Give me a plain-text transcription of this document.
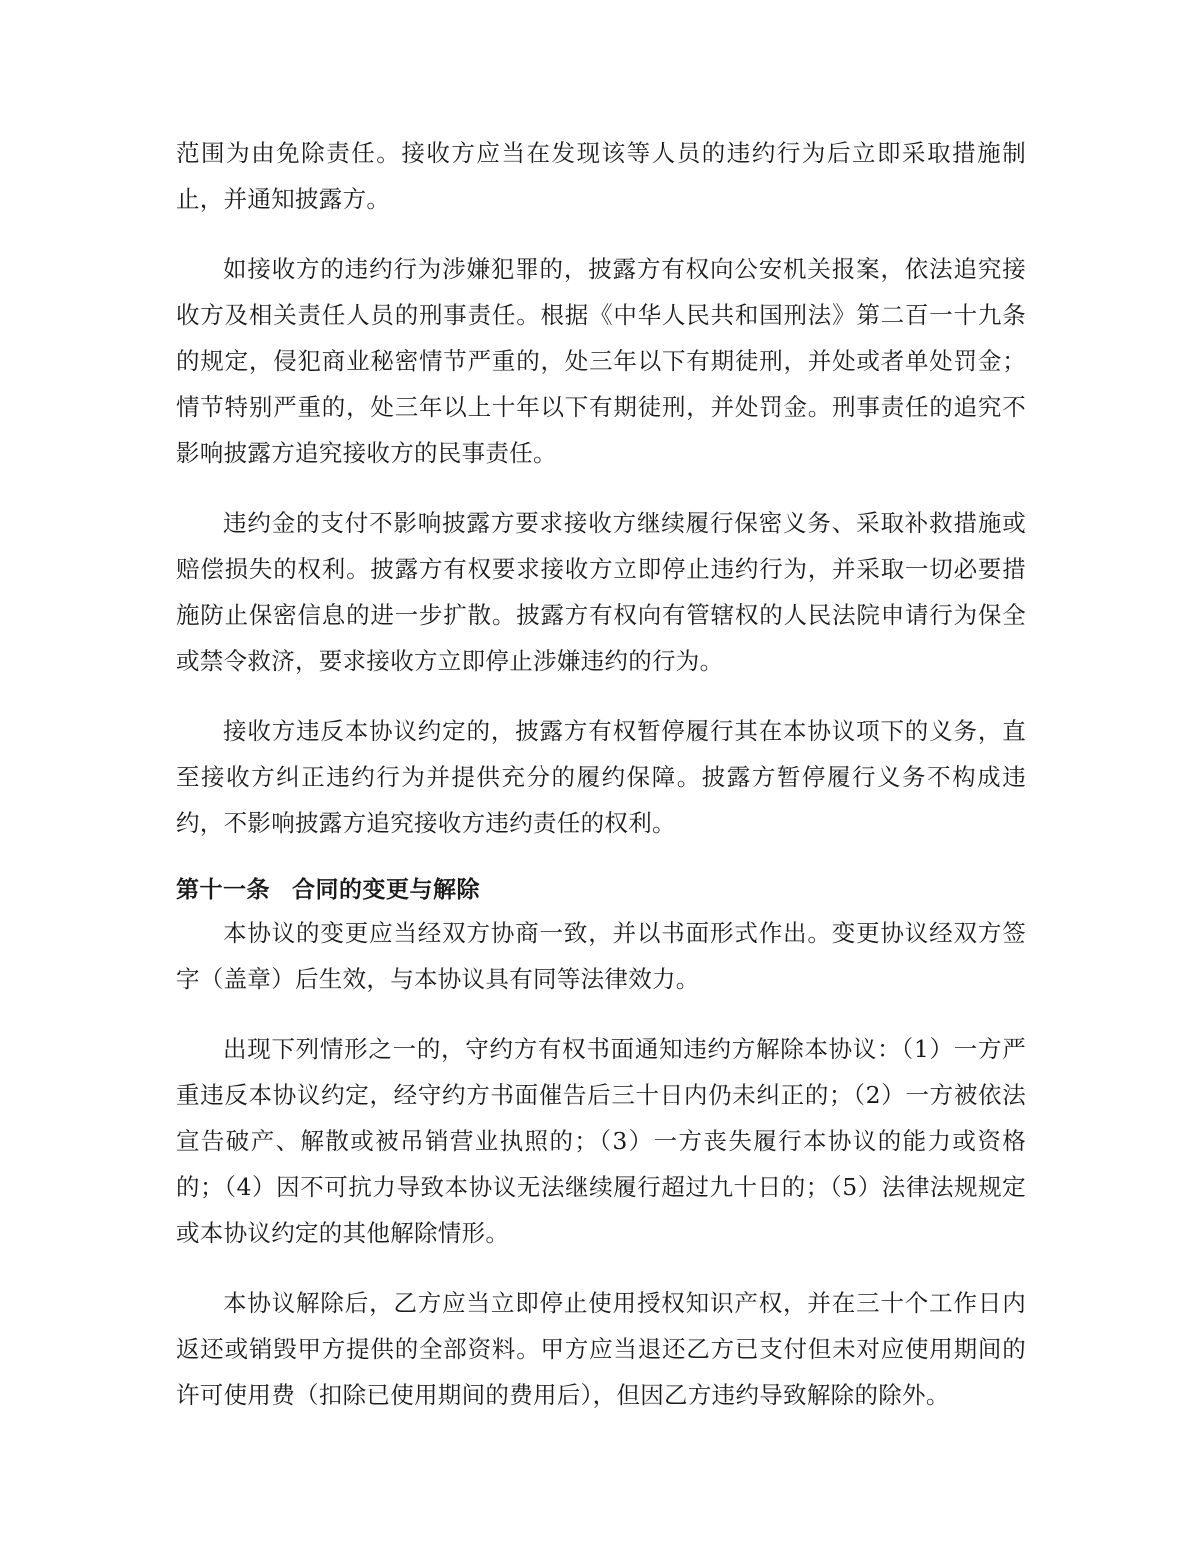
范围为由免除责任。接收方应当在发现该等人员的违约行为后立即采取措施制止，并通知披露方。

如接收方的违约行为涉嫌犯罪的，披露方有权向公安机关报案，依法追究接收方及相关责任人员的刑事责任。根据《中华人民共和国刑法》第二百一十九条的规定，侵犯商业秘密情节严重的，处三年以下有期徒刑，并处或者单处罚金；情节特别严重的，处三年以上十年以下有期徒刑，并处罚金。刑事责任的追究不影响披露方追究接收方的民事责任。

违约金的支付不影响披露方要求接收方继续履行保密义务、采取补救措施或赔偿损失的权利。披露方有权要求接收方立即停止违约行为，并采取一切必要措施防止保密信息的进一步扩散。披露方有权向有管辖权的人民法院申请行为保全或禁令救济，要求接收方立即停止涉嫌违约的行为。

接收方违反本协议约定的，披露方有权暂停履行其在本协议项下的义务，直至接收方纠正违约行为并提供充分的履约保障。披露方暂停履行义务不构成违约，不影响披露方追究接收方违约责任的权利。

第十一条 合同的变更与解除

本协议的变更应当经双方协商一致，并以书面形式作出。变更协议经双方签字（盖章）后生效，与本协议具有同等法律效力。

出现下列情形之一的，守约方有权书面通知违约方解除本协议：（1）一方严重违反本协议约定，经守约方书面催告后三十日内仍未纠正的；（2）一方被依法宣告破产、解散或被吊销营业执照的；（3）一方丧失履行本协议的能力或资格的；（4）因不可抗力导致本协议无法继续履行超过九十日的；（5）法律法规规定或本协议约定的其他解除情形。

本协议解除后，乙方应当立即停止使用授权知识产权，并在三十个工作日内返还或销毁甲方提供的全部资料。甲方应当退还乙方已支付但未对应使用期间的许可使用费（扣除已使用期间的费用后），但因乙方违约导致解除的除外。
